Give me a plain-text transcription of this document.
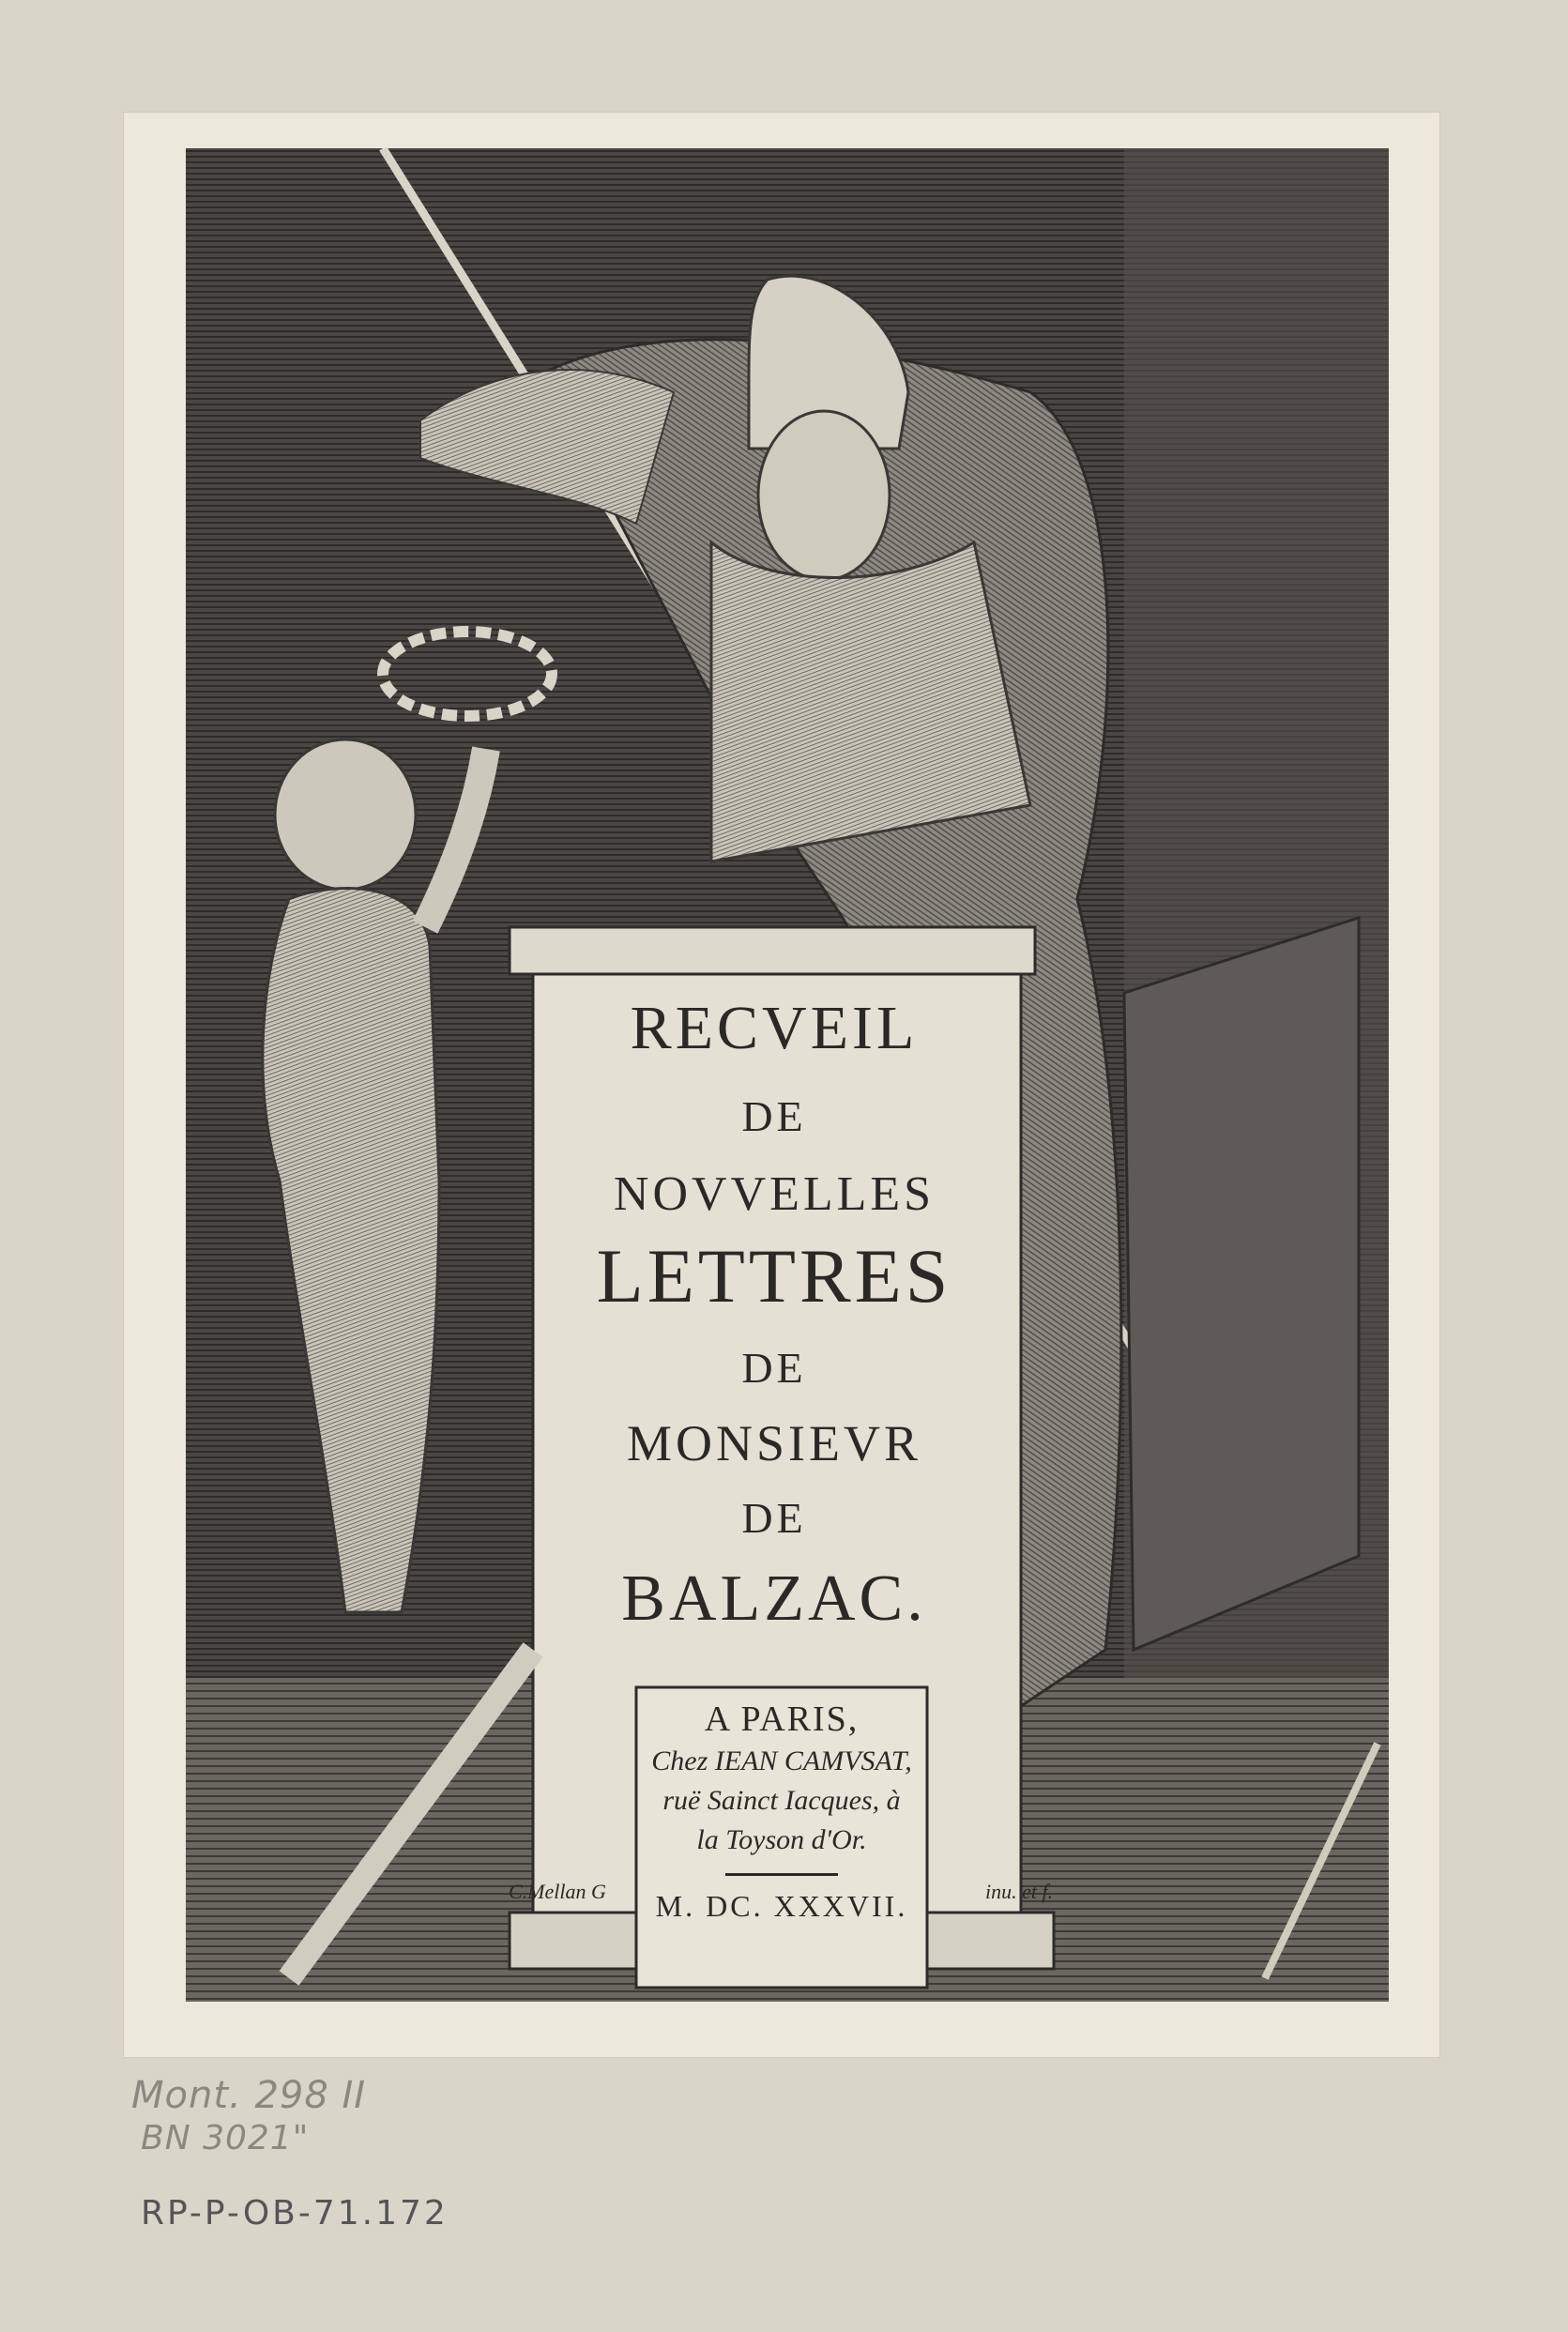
RECVEIL
DE
NOVVELLES
LETTRES
DE
MONSIEVR
DE
BALZAC.
A PARIS,
Chez IEAN CAMVSAT,
ruë Sainct Iacques, à
la Toyson d'Or.
M. DC. XXXVII.
C.Mellan G	inu. et f.
Mont. 298 II
BN 3021"
RP-P-OB-71.172
